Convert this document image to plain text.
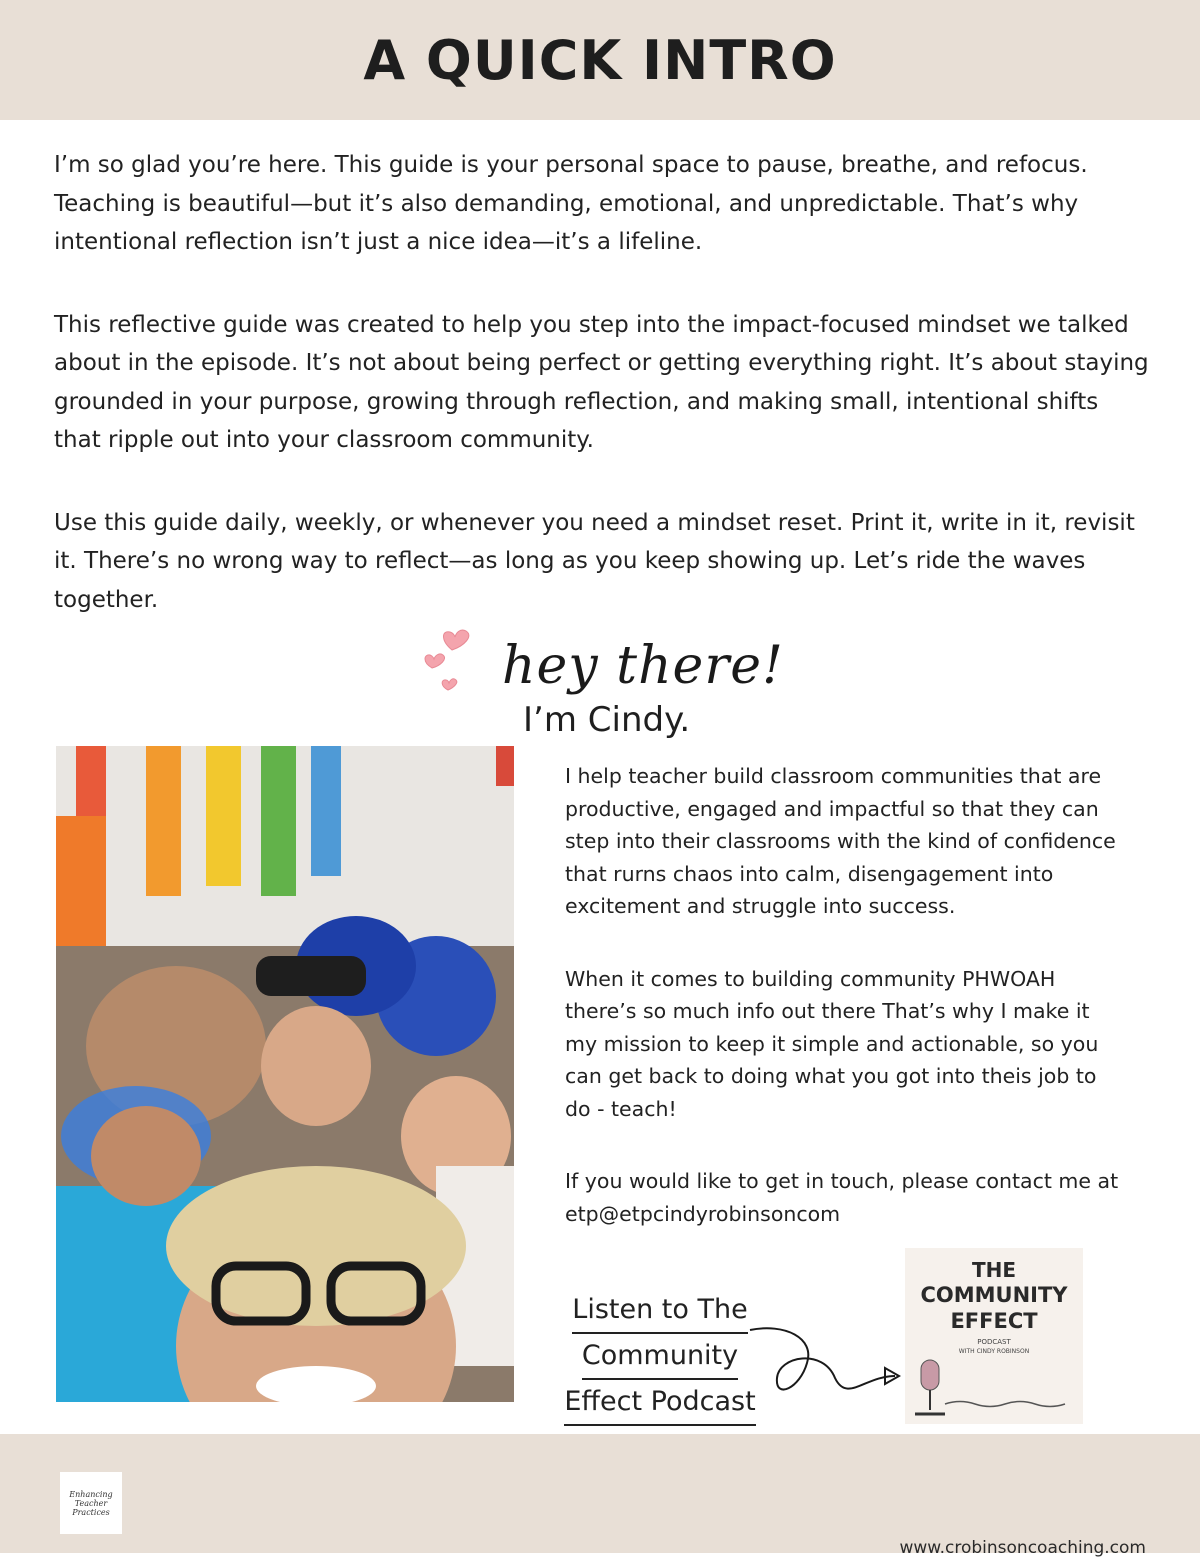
A QUICK INTRO

I’m so glad you’re here. This guide is your personal space to pause, breathe, and refocus. Teaching is beautiful—but it’s also demanding, emotional, and unpredictable. That’s why intentional reflection isn’t just a nice idea—it’s a lifeline.

This reflective guide was created to help you step into the impact-focused mindset we talked about in the episode. It’s not about being perfect or getting everything right. It’s about staying grounded in your purpose, growing through reflection, and making small, intentional shifts that ripple out into your classroom community.

Use this guide daily, weekly, or whenever you need a mindset reset. Print it, write in it, revisit it. There’s no wrong way to reflect—as long as you keep showing up. Let’s ride the waves together.

hey there!
I’m Cindy.

I help teacher build classroom communities that are productive, engaged and impactful so that they can step into their classrooms with the kind of confidence that rurns chaos into calm, disengagement into excitement and struggle into success.

When it comes to building community PHWOAH there’s so much info out there That’s why I make it my mission to keep it simple and actionable, so you can get back to doing what you got into theis job to do - teach!

If you would like to get in touch, please contact me at etp@etpcindyrobinsoncom

Listen to The
Community
Effect Podcast
THE
COMMUNITY
EFFECT
PODCAST
WITH CINDY ROBINSON
Enhancing Teacher Practices
www.crobinsoncoaching.com
